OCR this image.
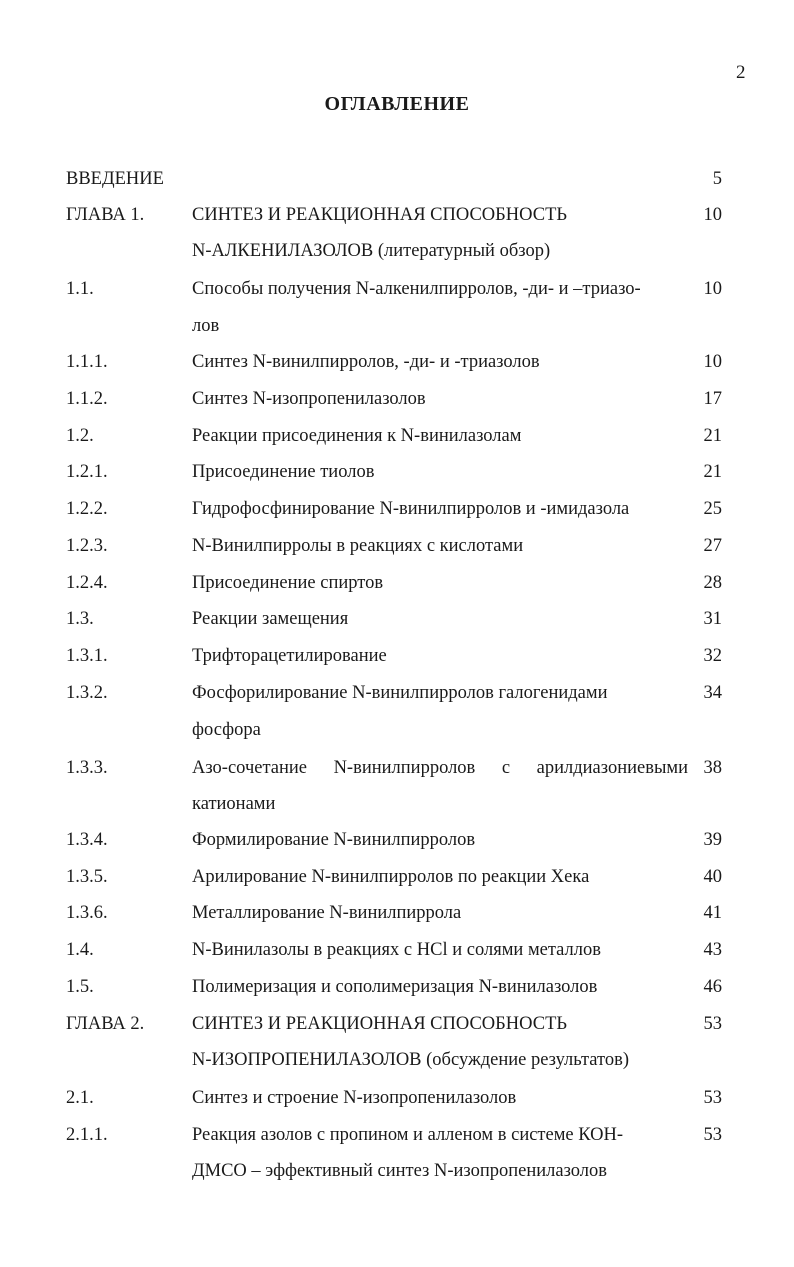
2
ОГЛАВЛЕНИЕ
ВВЕДЕНИЕ	5
ГЛАВА 1.	СИНТЕЗ И РЕАКЦИОННАЯ СПОСОБНОСТЬ	10
N-АЛКЕНИЛАЗОЛОВ (литературный обзор)
1.1.	Способы получения N-алкенилпирролов, -ди- и –триазо-	10
лов
1.1.1.	Синтез N-винилпирролов, -ди- и -триазолов	10
1.1.2.	Синтез N-изопропенилазолов	17
1.2.	Реакции присоединения к N-винилазолам	21
1.2.1.	Присоединение тиолов	21
1.2.2.	Гидрофосфинирование N-винилпирролов и -имидазола	25
1.2.3.	N-Винилпирролы в реакциях с кислотами	27
1.2.4.	Присоединение спиртов	28
1.3.	Реакции замещения	31
1.3.1.	Трифторацетилирование	32
1.3.2.	Фосфорилирование N-винилпирролов галогенидами	34
фосфора
1.3.3.	Азо-сочетание N-винилпирролов с арилдиазониевыми 38
катионами
1.3.4.	Формилирование N-винилпирролов	39
1.3.5.	Арилирование N-винилпирролов по реакции Хека	40
1.3.6.	Металлирование N-винилпиррола	41
1.4.	N-Винилазолы в реакциях с HCl и солями металлов	43
1.5.	Полимеризация и сополимеризация N-винилазолов	46
ГЛАВА 2.	СИНТЕЗ И РЕАКЦИОННАЯ СПОСОБНОСТЬ	53
N-ИЗОПРОПЕНИЛАЗОЛОВ (обсуждение результатов)
2.1.	Синтез и строение N-изопропенилазолов	53
2.1.1.	Реакция азолов с пропином и алленом в системе КОН-	53
ДМСО – эффективный синтез N-изопропенилазолов
